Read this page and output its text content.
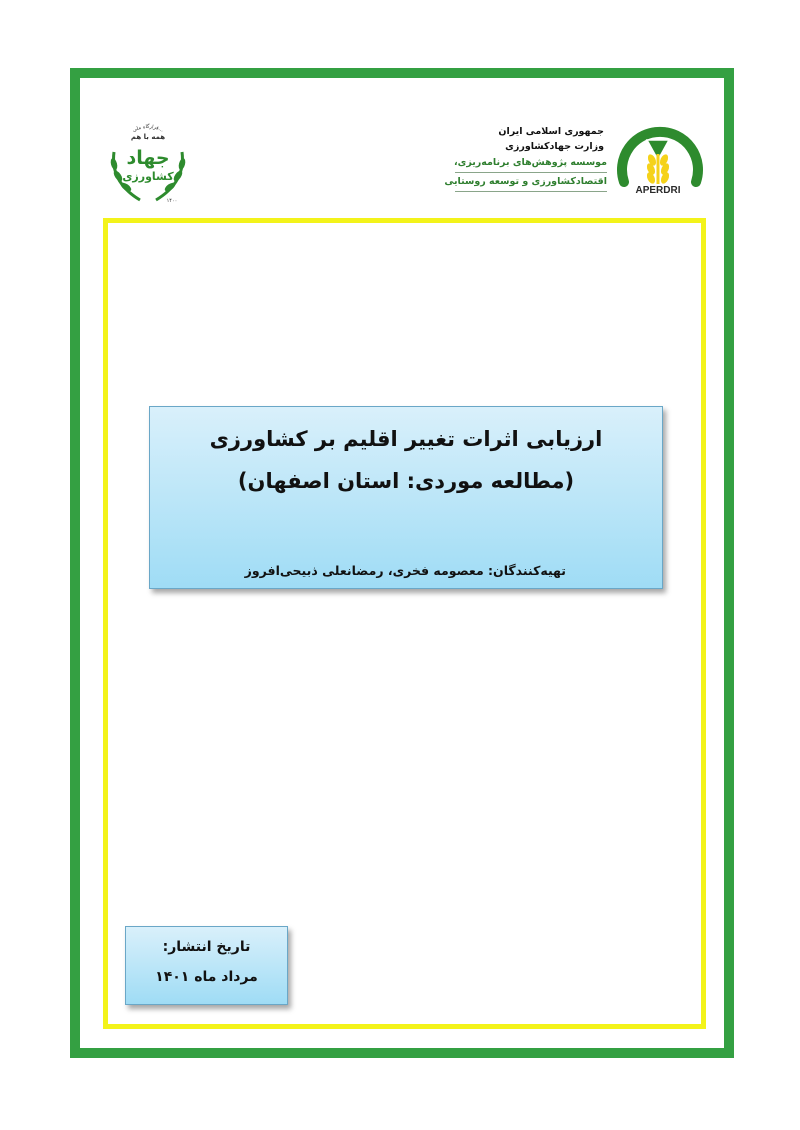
APERDRI
جمهوری اسلامی ایران
وزارت جهادکشاورزی
موسسه پژوهش‌های برنامه‌ریزی،
اقتصادکشاورزی و توسعه روستایی
قرارگاه ملی...
همه با هم
جهاد
کشاورزی
۱۴۰۰
ارزیابی اثرات تغییر اقلیم بر کشاورزی
(مطالعه موردی: استان اصفهان)
تهیه‌کنندگان: معصومه فخری، رمضانعلی ذبیحی‌افروز
تاریخ انتشار:
مرداد ماه ۱۴۰۱
